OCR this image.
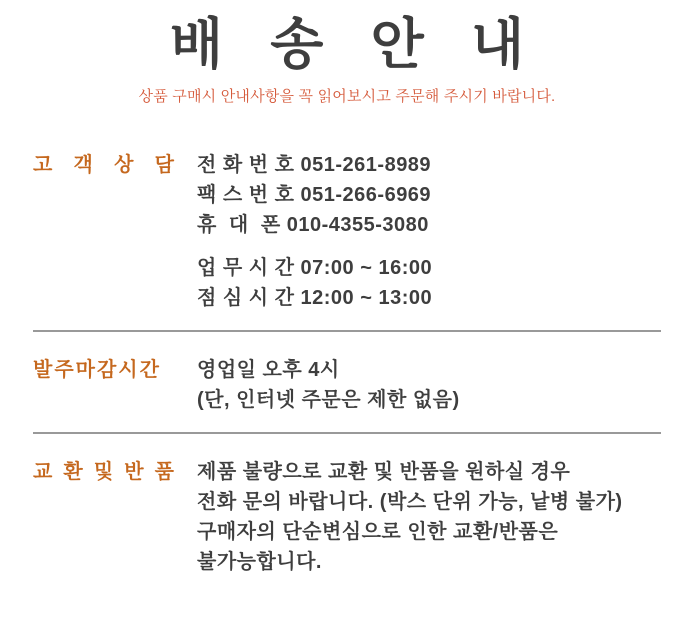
배 송 안 내

상품 구매시 안내사항을 꼭 읽어보시고 주문해 주시기 바랍니다.

고 객 상 담 전 화 번 호 051-261-8989
팩 스 번 호 051-266-6969
휴  대  폰 010-4355-3080
업 무 시 간 07:00 ~ 16:00
점 심 시 간 12:00 ~ 13:00
발주마감시간	영업일 오후 4시
(단, 인터넷 주문은 제한 없음)
교 환 및 반 품 제품 불량으로 교환 및 반품을 원하실 경우
전화 문의 바랍니다. (박스 단위 가능, 낱병 불가)
구매자의 단순변심으로 인한 교환/반품은
불가능합니다.
